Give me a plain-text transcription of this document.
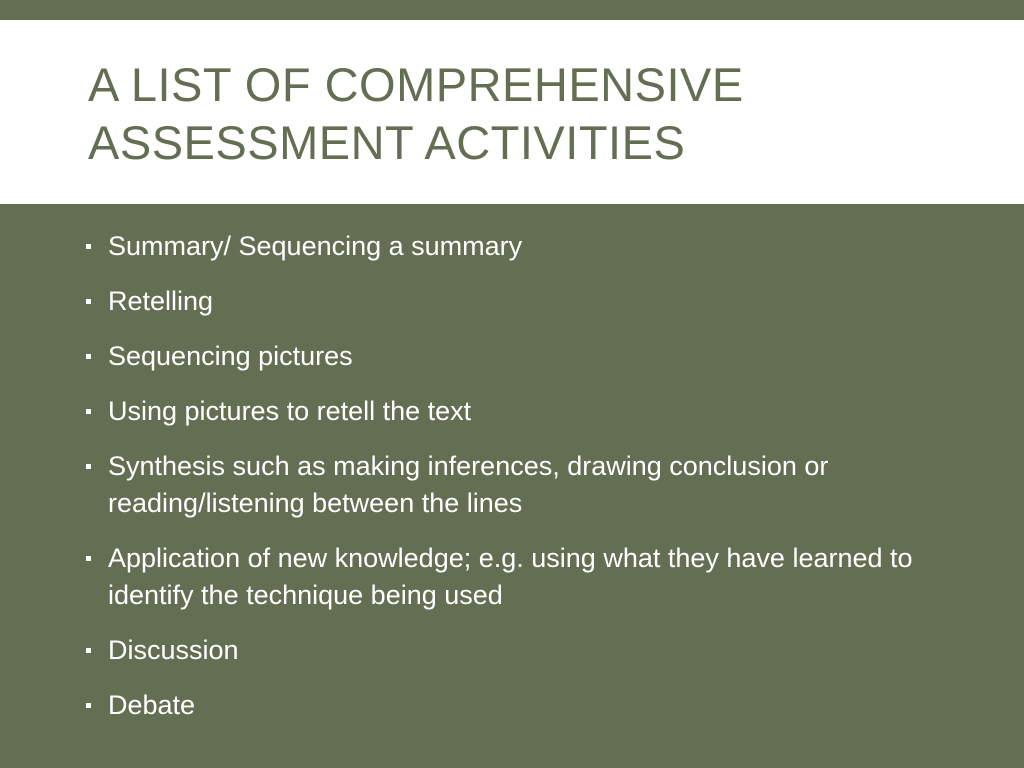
A LIST OF COMPREHENSIVE ASSESSMENT ACTIVITIES
Summary/ Sequencing a summary
Retelling
Sequencing pictures
Using pictures to retell the text
Synthesis such as making inferences, drawing conclusion or reading/listening between the lines
Application of new knowledge; e.g. using what they have learned to identify the technique being used
Discussion
Debate
